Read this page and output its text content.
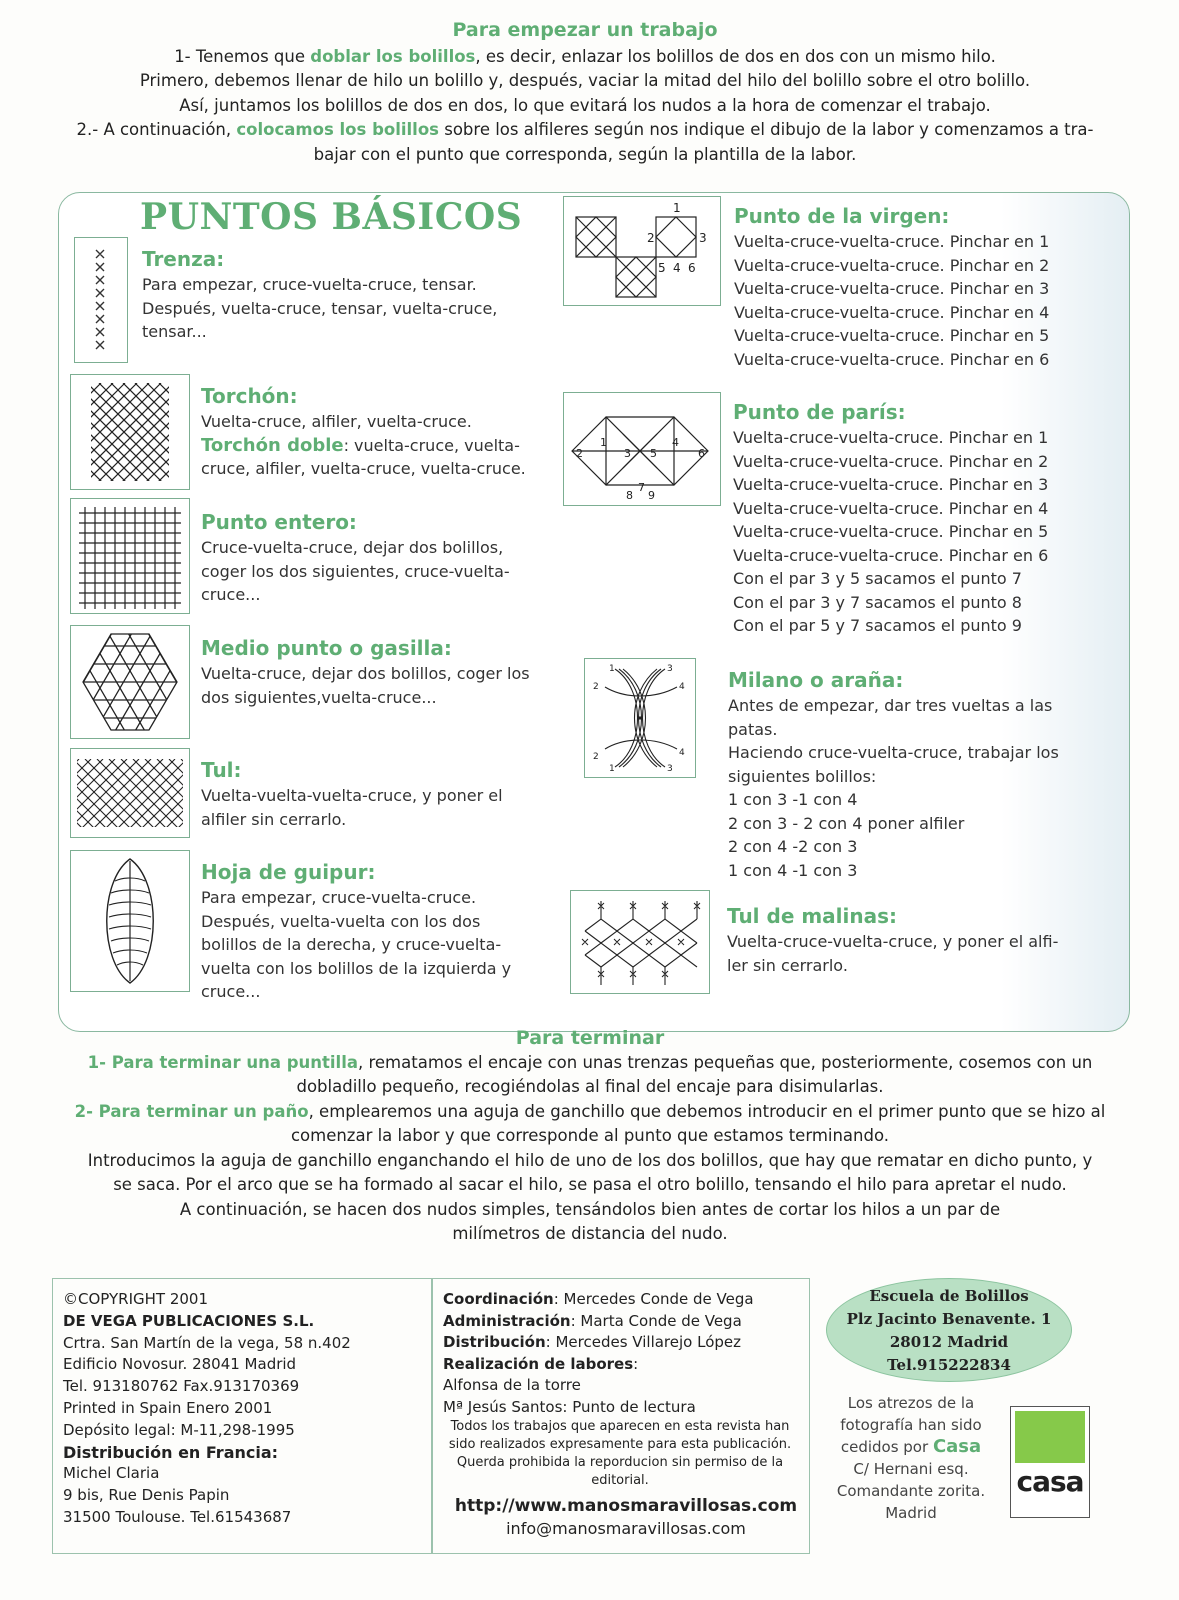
Para empezar un trabajo
1- Tenemos que doblar los bolillos, es decir, enlazar los bolillos de dos en dos con un mismo hilo.
Primero, debemos llenar de hilo un bolillo y, después, vaciar la mitad del hilo del bolillo sobre el otro bolillo.
Así, juntamos los bolillos de dos en dos, lo que evitará los nudos a la hora de comenzar el trabajo.
2.- A continuación, colocamos los bolillos sobre los alfileres según nos indique el dibujo de la labor y comenzamos a tra-
bajar con el punto que corresponda, según la plantilla de la labor.
PUNTOS BÁSICOS
Trenza:
Para empezar, cruce-vuelta-cruce, tensar. Después, vuelta-cruce, tensar, vuelta-cruce, tensar...
Torchón:
Vuelta-cruce, alfiler, vuelta-cruce.
Torchón doble: vuelta-cruce, vuelta-cruce, alfiler, vuelta-cruce, vuelta-cruce.
Punto entero:
Cruce-vuelta-cruce, dejar dos bolillos, coger los dos siguientes, cruce-vuelta-cruce...
Medio punto o gasilla:
Vuelta-cruce, dejar dos bolillos, coger los dos siguientes,vuelta-cruce...
Tul:
Vuelta-vuelta-vuelta-cruce, y poner el alfiler sin cerrarlo.
Hoja de guipur:
Para empezar, cruce-vuelta-cruce. Después, vuelta-vuelta con los dos bolillos de la derecha, y cruce-vuelta-vuelta con los bolillos de la izquierda y cruce...
1
2	3
5 4 6
Punto de la virgen:
Vuelta-cruce-vuelta-cruce. Pinchar en 1
Vuelta-cruce-vuelta-cruce. Pinchar en 2
Vuelta-cruce-vuelta-cruce. Pinchar en 3
Vuelta-cruce-vuelta-cruce. Pinchar en 4
Vuelta-cruce-vuelta-cruce. Pinchar en 5
Vuelta-cruce-vuelta-cruce. Pinchar en 6
1
2	3 5
4
6
8
7
9
Punto de parís:
Vuelta-cruce-vuelta-cruce. Pinchar en 1
Vuelta-cruce-vuelta-cruce. Pinchar en 2
Vuelta-cruce-vuelta-cruce. Pinchar en 3
Vuelta-cruce-vuelta-cruce. Pinchar en 4
Vuelta-cruce-vuelta-cruce. Pinchar en 5
Vuelta-cruce-vuelta-cruce. Pinchar en 6
Con el par 3 y 5 sacamos el punto 7
Con el par 3 y 7 sacamos el punto 8
Con el par 5 y 7 sacamos el punto 9
1	3
2	4
2	4
1	3
Milano o araña:
Antes de empezar, dar tres vueltas a las
patas.
Haciendo cruce-vuelta-cruce, trabajar los
siguientes bolillos:
1 con 3 -1 con 4
2 con 3 - 2 con 4 poner alfiler
2 con 4 -2 con 3
1 con 4 -1 con 3
Tul de malinas:
Vuelta-cruce-vuelta-cruce, y poner el alfi-ler sin cerrarlo.
Para terminar
1- Para terminar una puntilla, rematamos el encaje con unas trenzas pequeñas que, posteriormente, cosemos con un
dobladillo pequeño, recogiéndolas al final del encaje para disimularlas.
2- Para terminar un paño, emplearemos una aguja de ganchillo que debemos introducir en el primer punto que se hizo al
comenzar la labor y que corresponde al punto que estamos terminando.
Introducimos la aguja de ganchillo enganchando el hilo de uno de los dos bolillos, que hay que rematar en dicho punto, y
se saca. Por el arco que se ha formado al sacar el hilo, se pasa el otro bolillo, tensando el hilo para apretar el nudo.
A continuación, se hacen dos nudos simples, tensándolos bien antes de cortar los hilos a un par de
milímetros de distancia del nudo.
©COPYRIGHT 2001
DE VEGA PUBLICACIONES S.L.
Crtra. San Martín de la vega, 58 n.402
Edificio Novosur. 28041 Madrid
Tel. 913180762 Fax.913170369
Printed in Spain Enero 2001
Depósito legal: M-11,298-1995
Distribución en Francia:
Michel Claria
9 bis, Rue Denis Papin
31500 Toulouse. Tel.61543687
Coordinación: Mercedes Conde de Vega
Administración: Marta Conde de Vega
Distribución: Mercedes Villarejo López
Realización de labores:
Alfonsa de la torre
Mª Jesús Santos: Punto de lectura
Todos los trabajos que aparecen en esta revista han sido realizados expresamente para esta publicación. Querda prohibida la reporducion sin permiso de la editorial.
http://www.manosmaravillosas.com
info@manosmaravillosas.com
Escuela de Bolillos
Plz Jacinto Benavente. 1
28012 Madrid
Tel.915222834
Los atrezos de la
fotografía han sido
cedidos por Casa
C/ Hernani esq.
Comandante zorita.
Madrid
casa
